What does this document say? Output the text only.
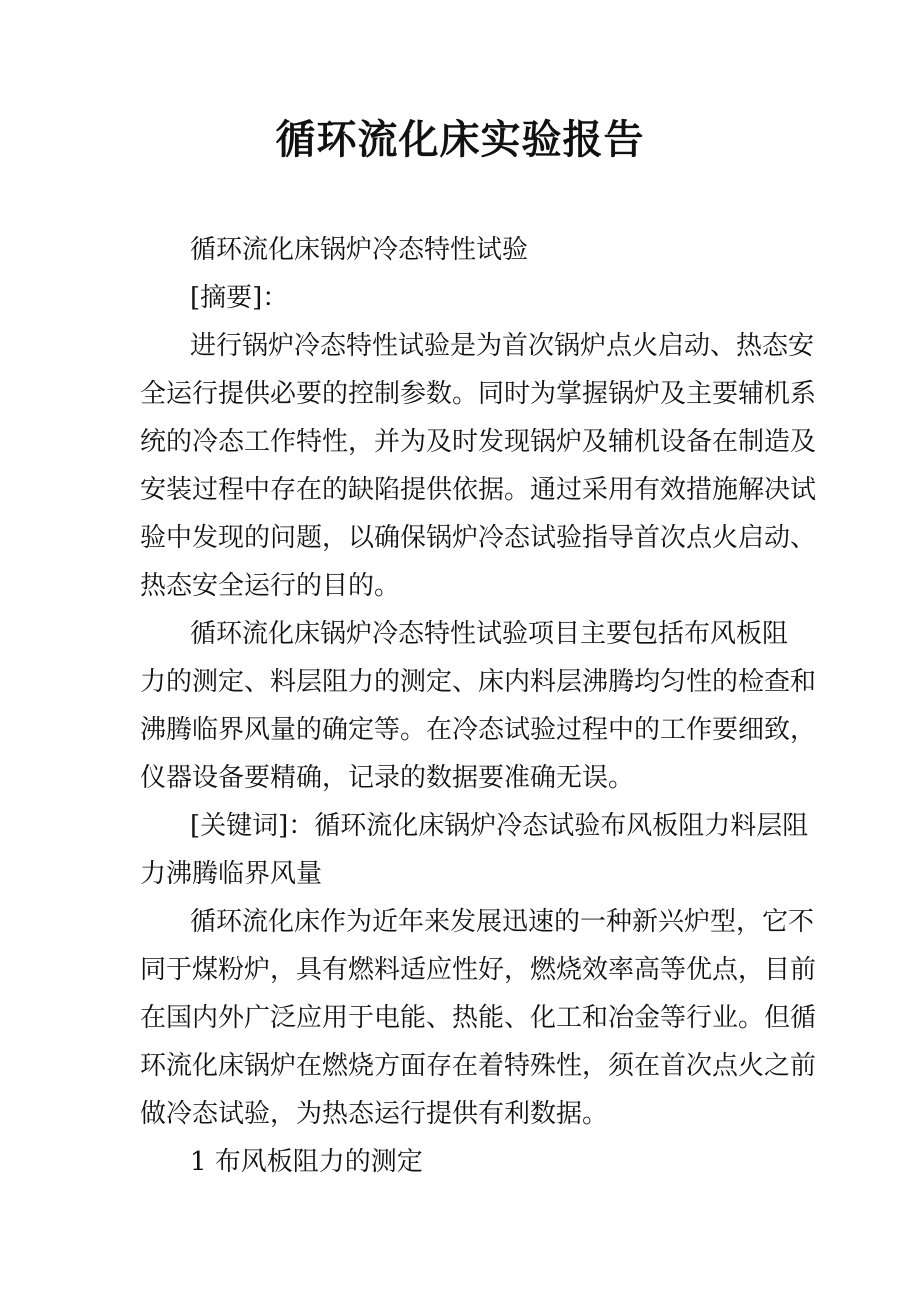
循环流化床实验报告
循环流化床锅炉冷态特性试验
[摘要]：
进行锅炉冷态特性试验是为首次锅炉点火启动、热态安
全运行提供必要的控制参数。同时为掌握锅炉及主要辅机系
统的冷态工作特性，并为及时发现锅炉及辅机设备在制造及
安装过程中存在的缺陷提供依据。通过采用有效措施解决试
验中发现的问题，以确保锅炉冷态试验指导首次点火启动、
热态安全运行的目的。
循环流化床锅炉冷态特性试验项目主要包括布风板阻
力的测定、料层阻力的测定、床内料层沸腾均匀性的检查和
沸腾临界风量的确定等。在冷态试验过程中的工作要细致，
仪器设备要精确，记录的数据要准确无误。
[关键词]：循环流化床锅炉冷态试验布风板阻力料层阻
力沸腾临界风量
循环流化床作为近年来发展迅速的一种新兴炉型，它不
同于煤粉炉，具有燃料适应性好，燃烧效率高等优点，目前
在国内外广泛应用于电能、热能、化工和冶金等行业。但循
环流化床锅炉在燃烧方面存在着特殊性，须在首次点火之前
做冷态试验，为热态运行提供有利数据。
1 布风板阻力的测定
